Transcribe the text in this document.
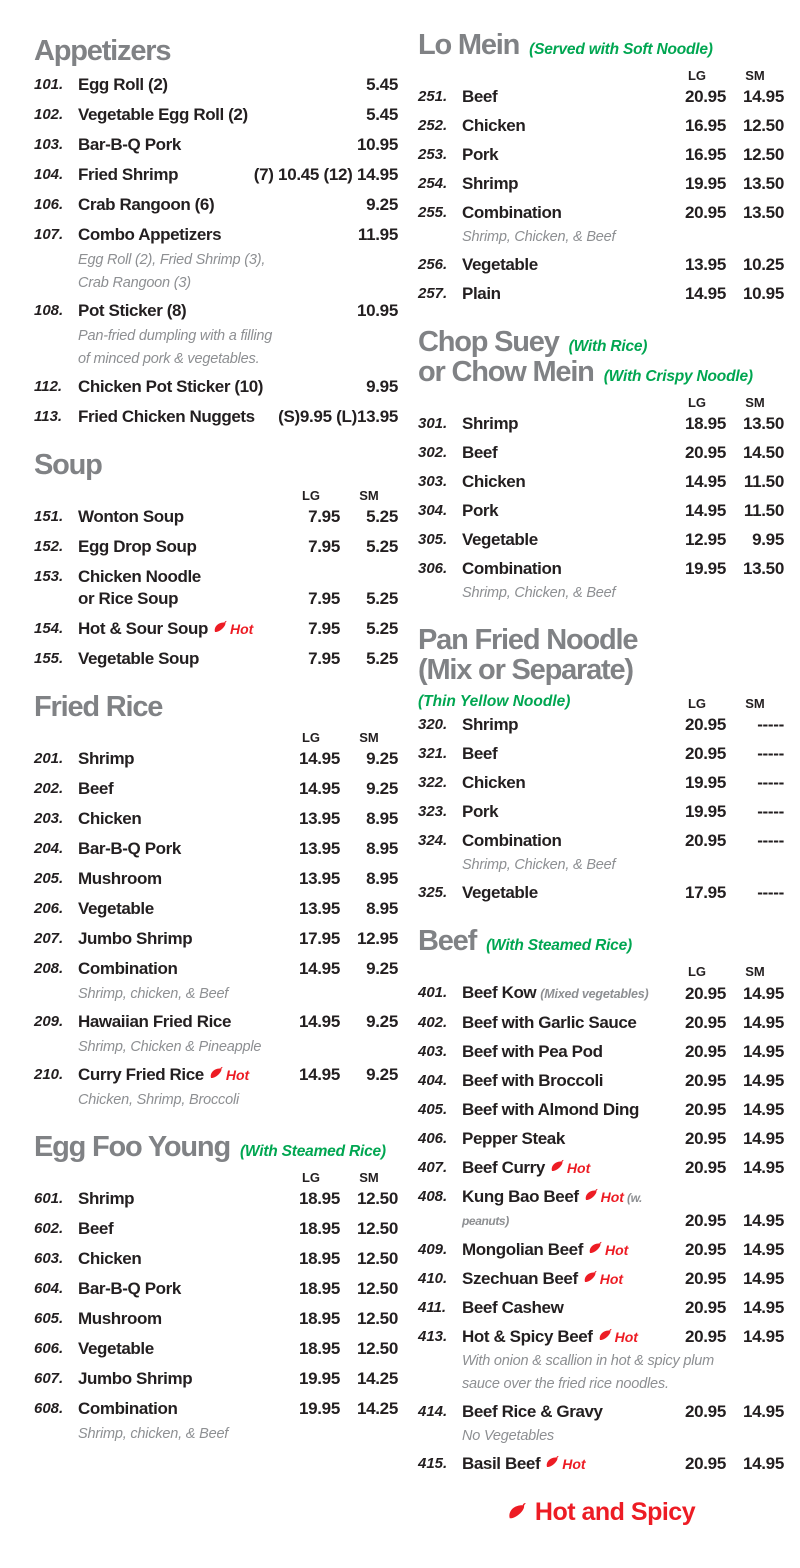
Appetizers
101. Egg Roll (2)	5.45
102. Vegetable Egg Roll (2)	5.45
103. Bar-B-Q Pork	10.95
104. Fried Shrimp	(7) 10.45 (12) 14.95
106. Crab Rangoon (6)	9.25
107. Combo Appetizers	11.95
Egg Roll (2), Fried Shrimp (3),
Crab Rangoon (3)
108. Pot Sticker (8)	10.95
Pan-fried dumpling with a filling
of minced pork & vegetables.
112. Chicken Pot Sticker (10)	9.95
113. Fried Chicken Nuggets	(S)9.95 (L)13.95
Soup
LG	SM
151. Wonton Soup	7.95	5.25
152. Egg Drop Soup	7.95	5.25
153. Chicken Noodle
or Rice Soup	7.95	5.25
154. Hot & Sour Soup Hot	7.95	5.25
155. Vegetable Soup	7.95	5.25
Fried Rice
LG	SM
201. Shrimp	14.95	9.25
202. Beef	14.95	9.25
203. Chicken	13.95	8.95
204. Bar-B-Q Pork	13.95	8.95
205. Mushroom	13.95	8.95
206. Vegetable	13.95	8.95
207. Jumbo Shrimp	17.95 12.95
208. Combination	14.95	9.25
Shrimp, chicken, & Beef
209. Hawaiian Fried Rice	14.95	9.25
Shrimp, Chicken & Pineapple
210. Curry Fried Rice Hot	14.95	9.25
Chicken, Shrimp, Broccoli
Egg Foo Young (With Steamed Rice)
LG	SM
601. Shrimp	18.95 12.50
602. Beef	18.95 12.50
603. Chicken	18.95 12.50
604. Bar-B-Q Pork	18.95 12.50
605. Mushroom	18.95 12.50
606. Vegetable	18.95 12.50
607. Jumbo Shrimp	19.95 14.25
608. Combination	19.95 14.25
Shrimp, chicken, & Beef
Lo Mein (Served with Soft Noodle)
LG	SM
251. Beef	20.95 14.95
252. Chicken	16.95 12.50
253. Pork	16.95 12.50
254. Shrimp	19.95 13.50
255. Combination	20.95 13.50
Shrimp, Chicken, & Beef
256. Vegetable	13.95 10.25
257. Plain	14.95 10.95
Chop Suey (With Rice)
or Chow Mein (With Crispy Noodle)
LG	SM
301. Shrimp	18.95 13.50
302. Beef	20.95 14.50
303. Chicken	14.95	11.50
304. Pork	14.95	11.50
305. Vegetable	12.95	9.95
306. Combination	19.95 13.50
Shrimp, Chicken, & Beef
Pan Fried Noodle
(Mix or Separate)
(Thin Yellow Noodle)	LG	SM
320. Shrimp	20.95	-----
321. Beef	20.95	-----
322. Chicken	19.95	-----
323. Pork	19.95	-----
324. Combination	20.95	-----
Shrimp, Chicken, & Beef
325. Vegetable	17.95	-----
Beef (With Steamed Rice)
LG	SM
401. Beef Kow (Mixed vegetables)	20.95 14.95
402. Beef with Garlic Sauce	20.95 14.95
403. Beef with Pea Pod	20.95 14.95
404. Beef with Broccoli	20.95 14.95
405. Beef with Almond Ding	20.95 14.95
406. Pepper Steak	20.95 14.95
407. Beef Curry Hot	20.95 14.95
408. Kung Bao Beef Hot (w. peanuts)	20.95 14.95
409. Mongolian Beef Hot	20.95 14.95
410. Szechuan Beef Hot	20.95 14.95
411. Beef Cashew	20.95 14.95
413. Hot & Spicy Beef Hot	20.95 14.95
With onion & scallion in hot & spicy plum
sauce over the fried rice noodles.
414. Beef Rice & Gravy	20.95 14.95
No Vegetables
415. Basil Beef Hot	20.95 14.95
Hot and Spicy
